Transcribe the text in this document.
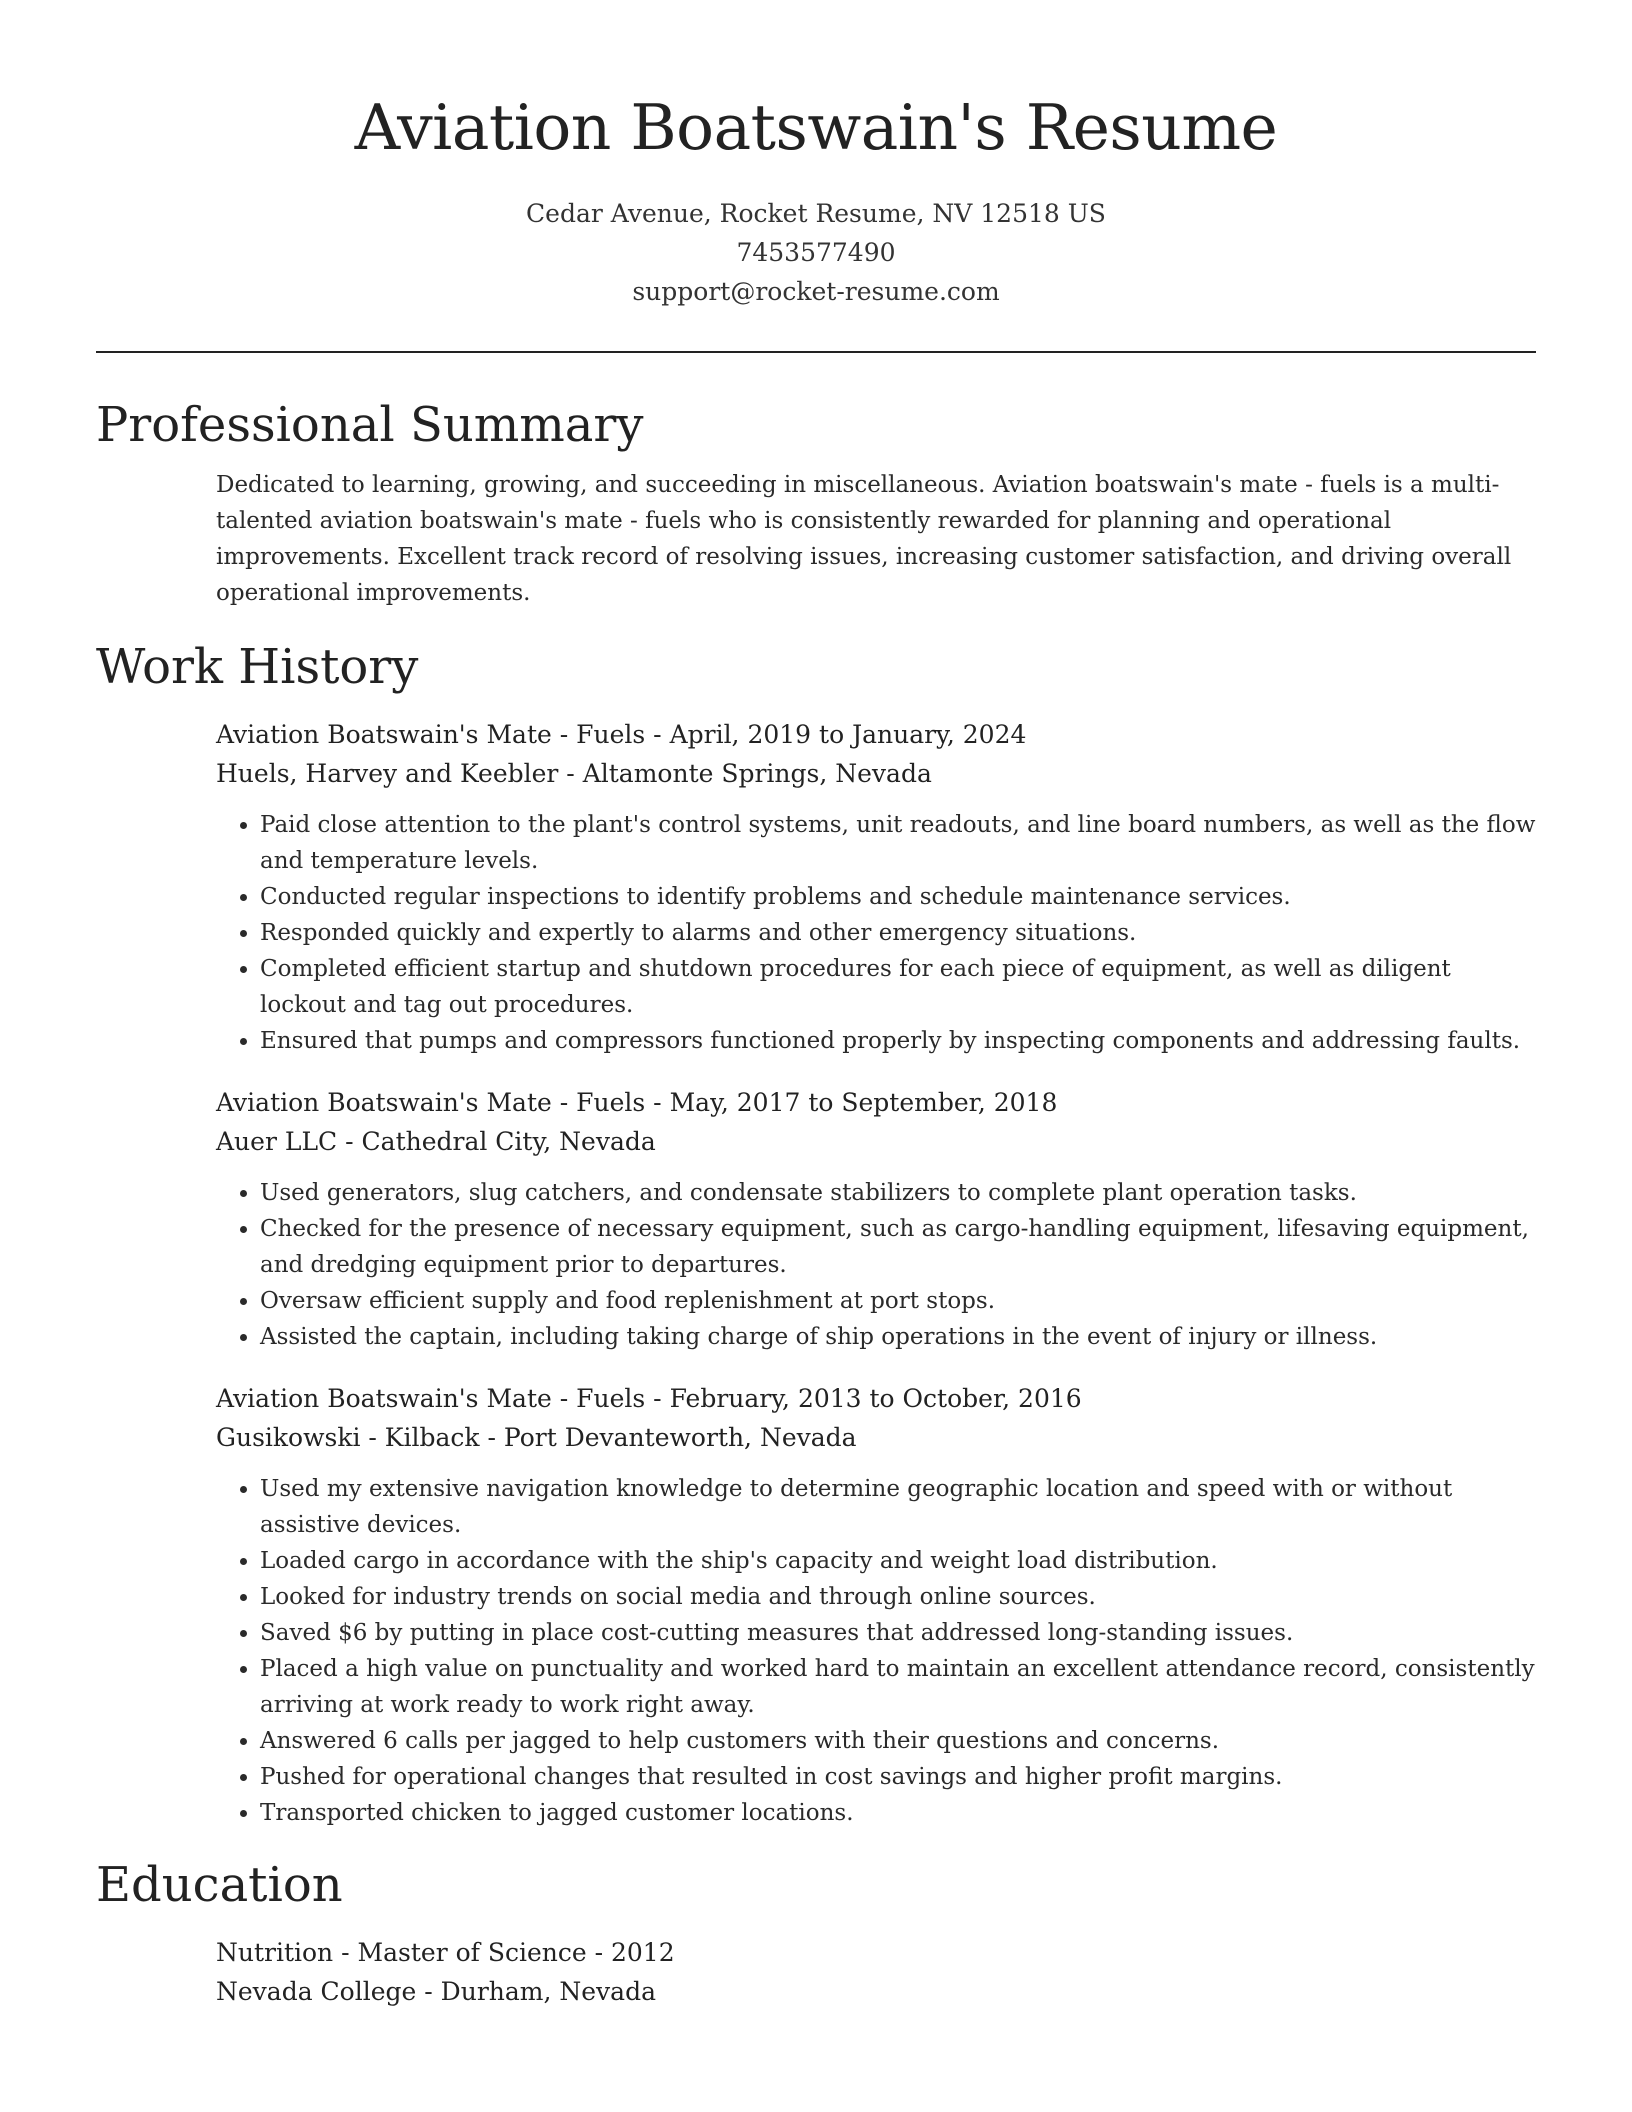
Aviation Boatswain's Resume
Cedar Avenue, Rocket Resume, NV 12518 US
7453577490
support@rocket-resume.com
Professional Summary

Dedicated to learning, growing, and succeeding in miscellaneous. Aviation boatswain's mate - fuels is a multi-talented aviation boatswain's mate - fuels who is consistently rewarded for planning and operational improvements. Excellent track record of resolving issues, increasing customer satisfaction, and driving overall operational improvements.

Work History
Aviation Boatswain's Mate - Fuels - April, 2019 to January, 2024
Huels, Harvey and Keebler - Altamonte Springs, Nevada
• Paid close attention to the plant's control systems, unit readouts, and line board numbers, as well as the flow and temperature levels.
• Conducted regular inspections to identify problems and schedule maintenance services.
• Responded quickly and expertly to alarms and other emergency situations.
• Completed efficient startup and shutdown procedures for each piece of equipment, as well as diligent lockout and tag out procedures.
• Ensured that pumps and compressors functioned properly by inspecting components and addressing faults.
Aviation Boatswain's Mate - Fuels - May, 2017 to September, 2018
Auer LLC - Cathedral City, Nevada
• Used generators, slug catchers, and condensate stabilizers to complete plant operation tasks.
• Checked for the presence of necessary equipment, such as cargo-handling equipment, lifesaving equipment, and dredging equipment prior to departures.
• Oversaw efficient supply and food replenishment at port stops.
• Assisted the captain, including taking charge of ship operations in the event of injury or illness.
Aviation Boatswain's Mate - Fuels - February, 2013 to October, 2016
Gusikowski - Kilback - Port Devanteworth, Nevada
• Used my extensive navigation knowledge to determine geographic location and speed with or without assistive devices.
• Loaded cargo in accordance with the ship's capacity and weight load distribution.
• Looked for industry trends on social media and through online sources.
• Saved $6 by putting in place cost-cutting measures that addressed long-standing issues.
• Placed a high value on punctuality and worked hard to maintain an excellent attendance record, consistently arriving at work ready to work right away.
• Answered 6 calls per jagged to help customers with their questions and concerns.
• Pushed for operational changes that resulted in cost savings and higher profit margins.
• Transported chicken to jagged customer locations.
Education
Nutrition - Master of Science - 2012
Nevada College - Durham, Nevada
